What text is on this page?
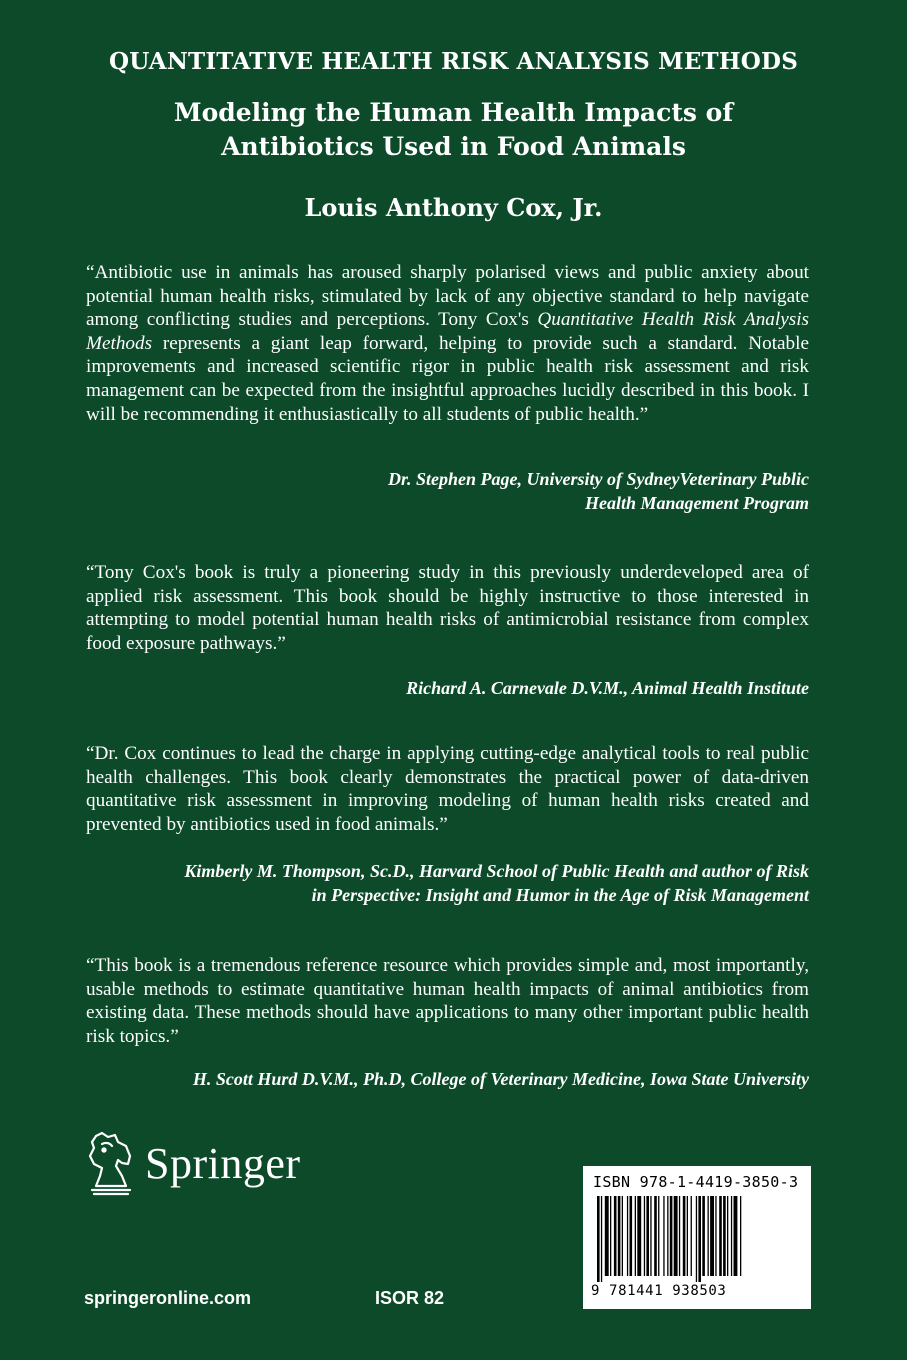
QUANTITATIVE HEALTH RISK ANALYSIS METHODS
Modeling the Human Health Impacts of
Antibiotics Used in Food Animals
Louis Anthony Cox, Jr.
“Antibiotic use in animals has aroused sharply polarised views and public anxiety about potential human health risks, stimulated by lack of any objective standard to help navigate among conflicting studies and perceptions. Tony Cox's Quantitative Health Risk Analysis Methods represents a giant leap forward, helping to provide such a standard. Notable improvements and increased scientific rigor in public health risk assessment and risk management can be expected from the insightful approaches lucidly described in this book. I will be recommending it enthusiastically to all students of public health.”
Dr. Stephen Page, University of SydneyVeterinary Public
Health Management Program
“Tony Cox's book is truly a pioneering study in this previously underdeveloped area of applied risk assessment. This book should be highly instructive to those interested in attempting to model potential human health risks of antimicrobial resistance from complex food exposure pathways.”
Richard A. Carnevale D.V.M., Animal Health Institute
“Dr. Cox continues to lead the charge in applying cutting-edge analytical tools to real public health challenges. This book clearly demonstrates the practical power of data-driven quantitative risk assessment in improving modeling of human health risks created and prevented by antibiotics used in food animals.”
Kimberly M. Thompson, Sc.D., Harvard School of Public Health and author of Risk
in Perspective: Insight and Humor in the Age of Risk Management
“This book is a tremendous reference resource which provides simple and, most importantly, usable methods to estimate quantitative human health impacts of animal antibiotics from existing data. These methods should have applications to many other important public health risk topics.”
H. Scott Hurd D.V.M., Ph.D, College of Veterinary Medicine, Iowa State University
Springer
springeronline.com	ISOR 82
ISBN 978-1-4419-3850-3
9 781441 938503
